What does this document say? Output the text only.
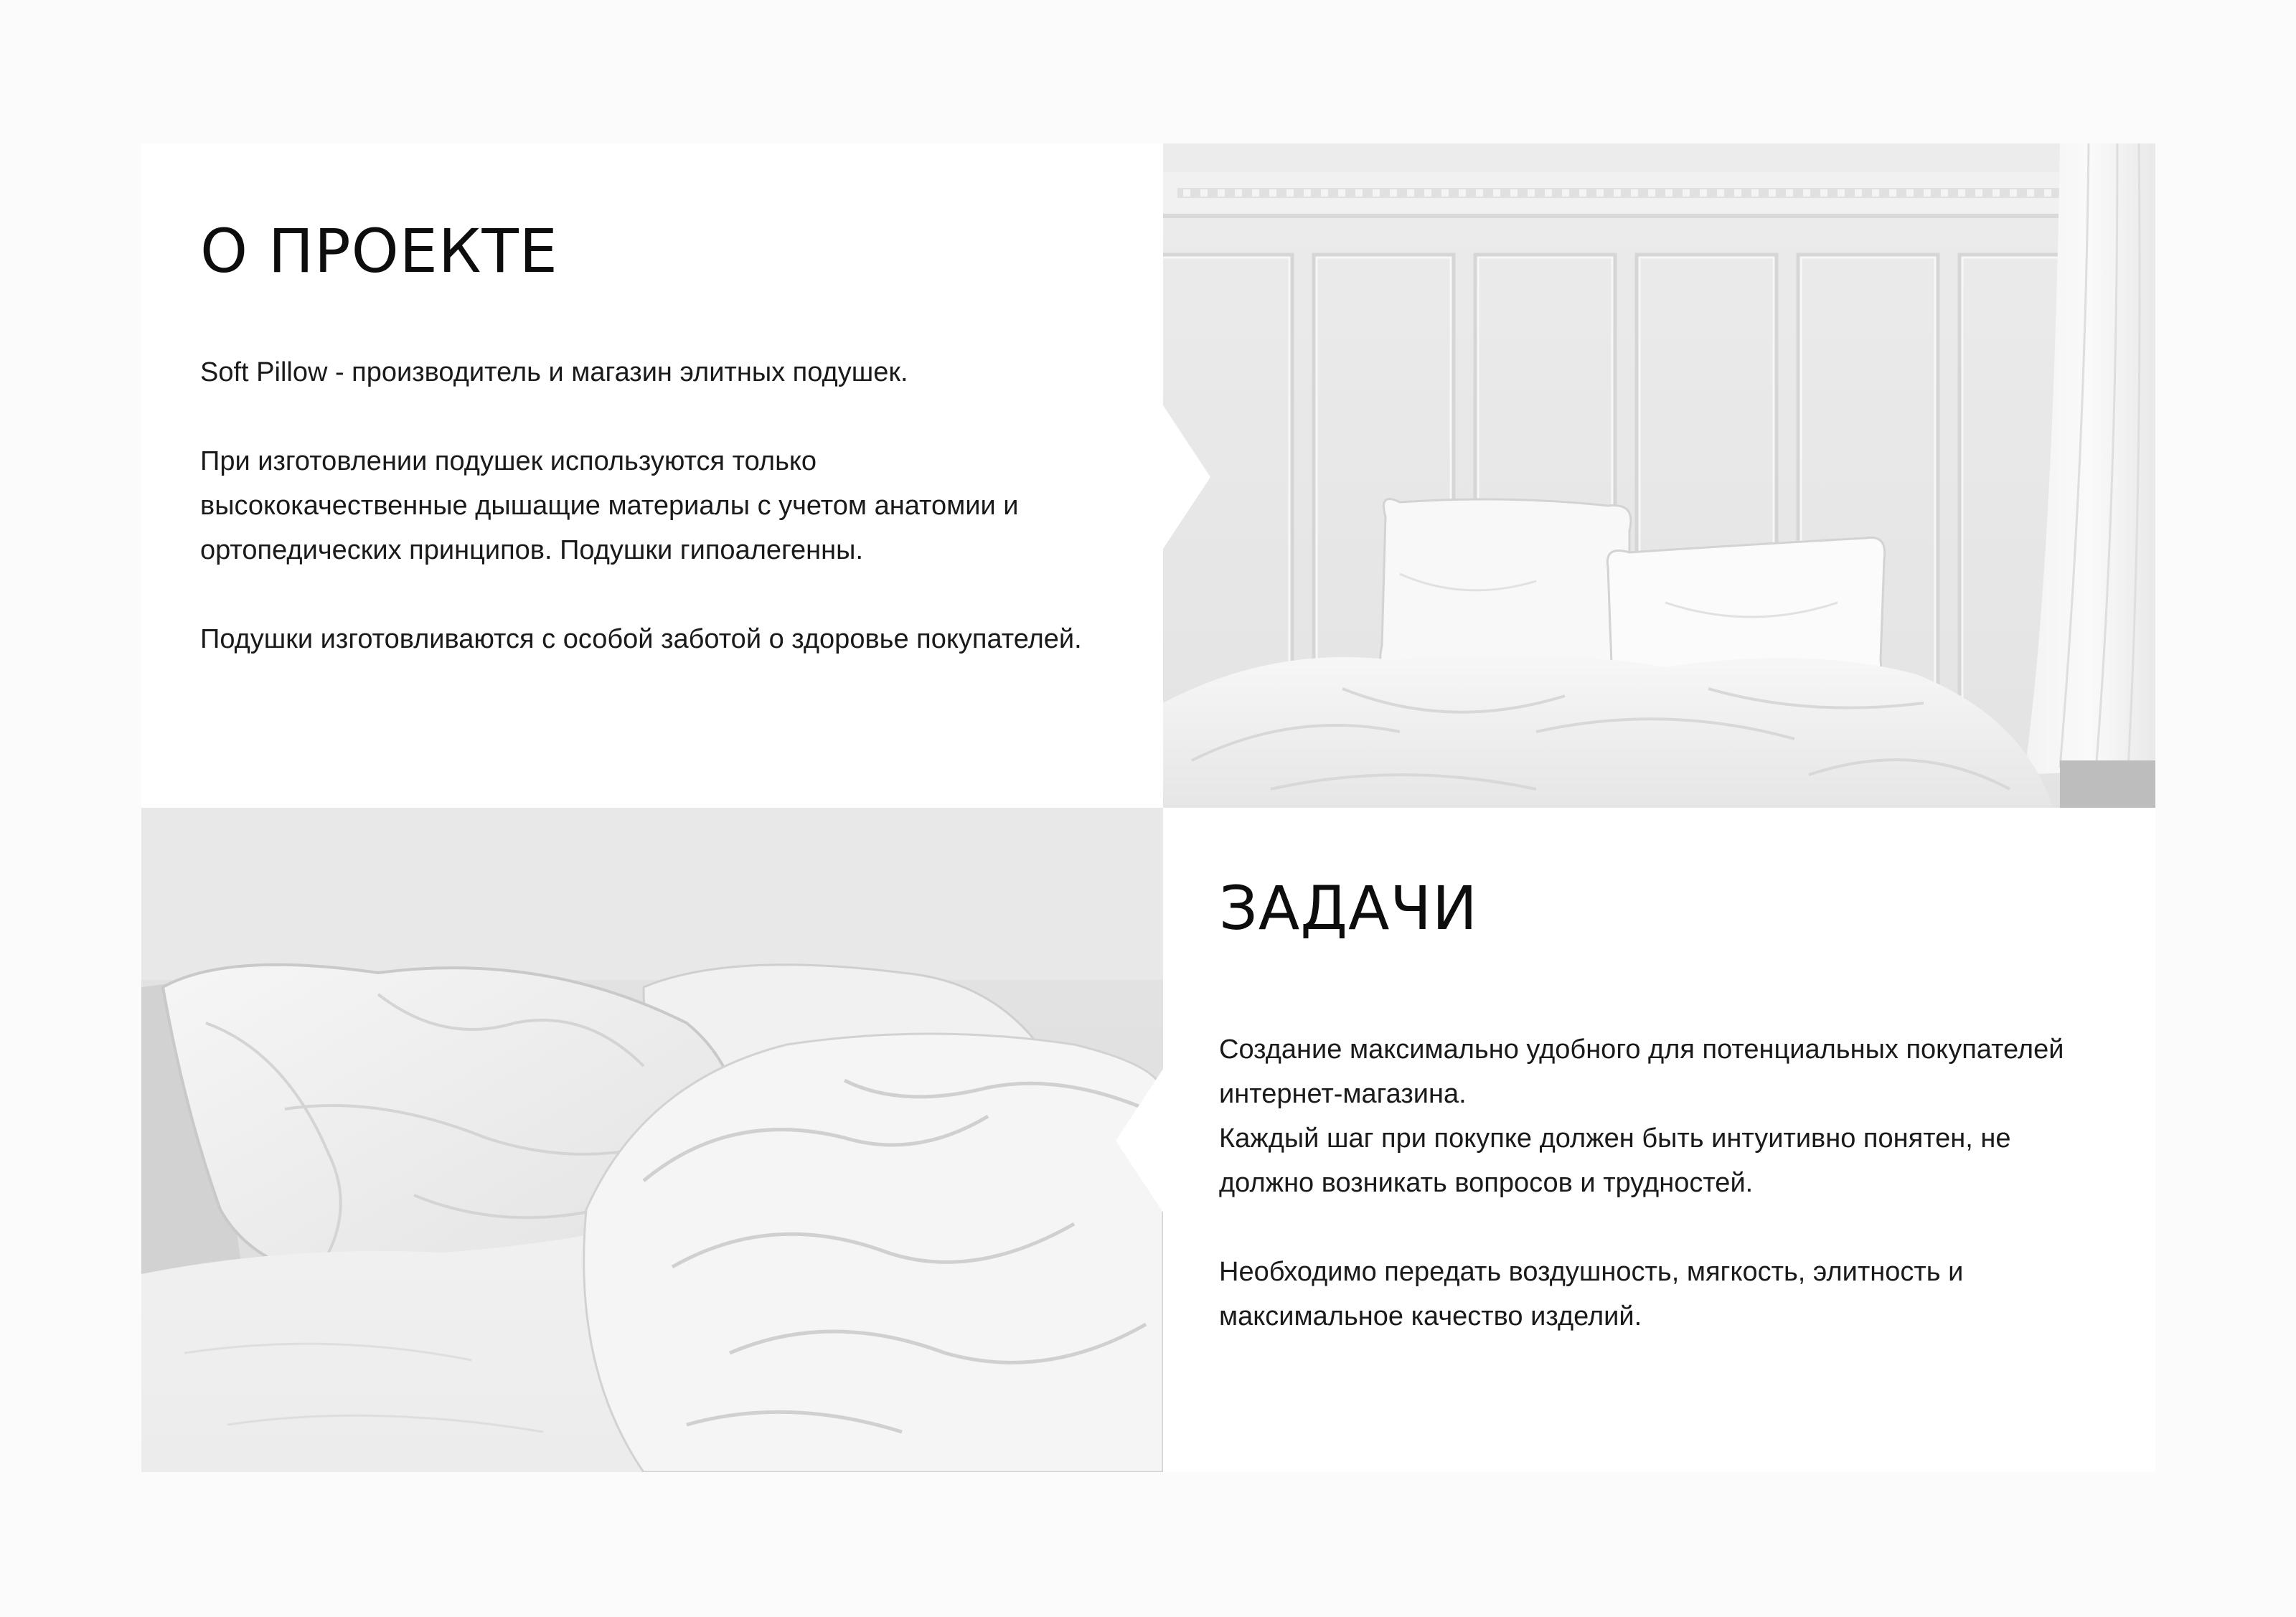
О ПРОЕКТЕ

Soft Pillow - производитель и магазин элитных подушек.

При изготовлении подушек используются только высококачественные дышащие материалы с учетом анатомии и ортопедических принципов. Подушки гипоалегенны.

Подушки изготовливаются с особой заботой о здоровье покупателей.

ЗАДАЧИ

Создание максимально удобного для потенциальных покупателей интернет-магазина.

Каждый шаг при покупке должен быть интуитивно понятен, не должно возникать вопросов и трудностей.

Необходимо передать воздушность, мягкость, элитность и максимальное качество изделий.
